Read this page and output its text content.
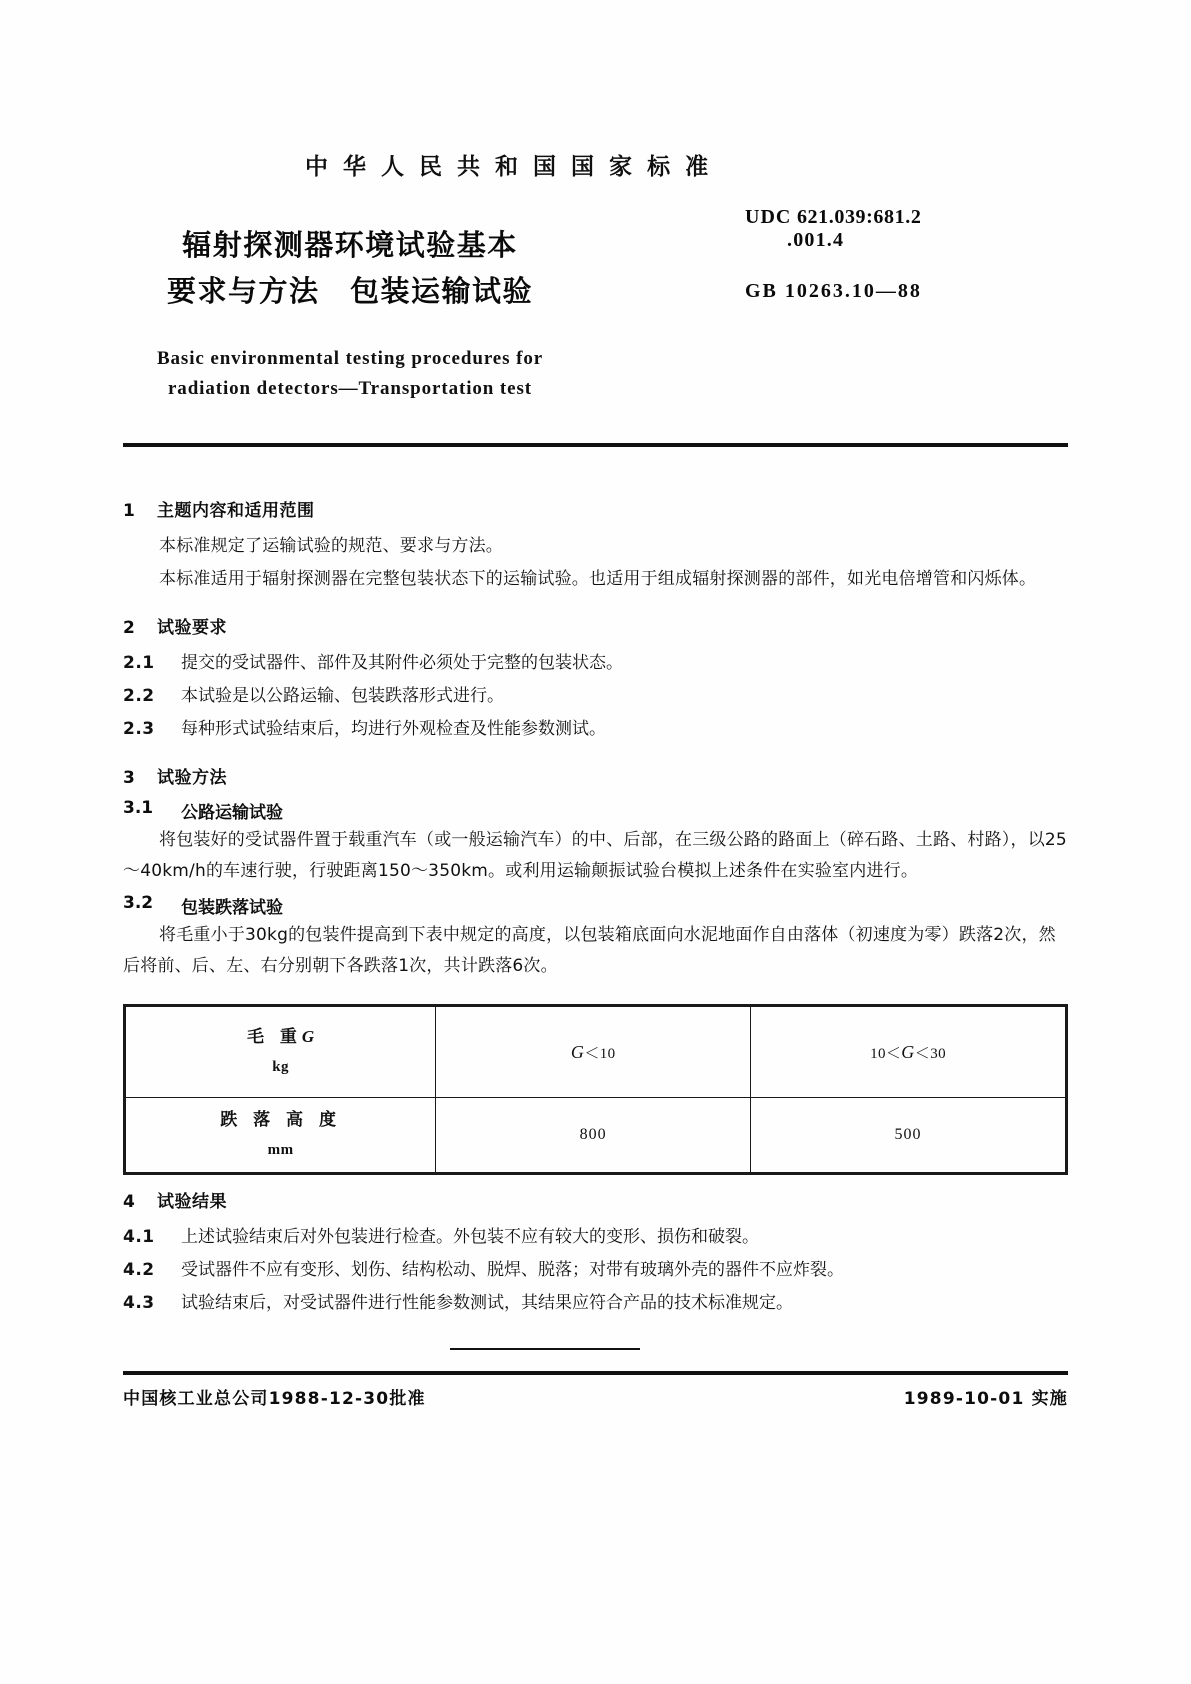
中 华 人 民 共 和 国 国 家 标 准
辐射探测器环境试验基本
要求与方法　包装运输试验
Basic environmental testing procedures for
radiation detectors—Transportation test
UDC 621.039:681.2
.001.4
GB 10263.10—88
1 主题内容和适用范围

本标准规定了运输试验的规范、要求与方法。

本标准适用于辐射探测器在完整包装状态下的运输试验。也适用于组成辐射探测器的部件，如光电倍增管和闪烁体。

2 试验要求
2.1	提交的受试器件、部件及其附件必须处于完整的包装状态。
2.2	本试验是以公路运输、包装跌落形式进行。
2.3	每种形式试验结束后，均进行外观检查及性能参数测试。
3 试验方法
3.1	公路运输试验

将包装好的受试器件置于载重汽车（或一般运输汽车）的中、后部，在三级公路的路面上（碎石路、土路、村路），以25～40km/h的车速行驶，行驶距离150～350km。或利用运输颠振试验台模拟上述条件在实验室内进行。

3.2	包装跌落试验

将毛重小于30kg的包装件提高到下表中规定的高度，以包装箱底面向水泥地面作自由落体（初速度为零）跌落2次，然后将前、后、左、右分别朝下各跌落1次，共计跌落6次。

毛 重G
kg	G＜10	10＜G＜30

跌 落 高 度
mm	800	500
4 试验结果
4.1	上述试验结束后对外包装进行检查。外包装不应有较大的变形、损伤和破裂。
4.2	受试器件不应有变形、划伤、结构松动、脱焊、脱落；对带有玻璃外壳的器件不应炸裂。
4.3	试验结束后，对受试器件进行性能参数测试，其结果应符合产品的技术标准规定。
中国核工业总公司1988-12-30批准	1989-10-01 实施
